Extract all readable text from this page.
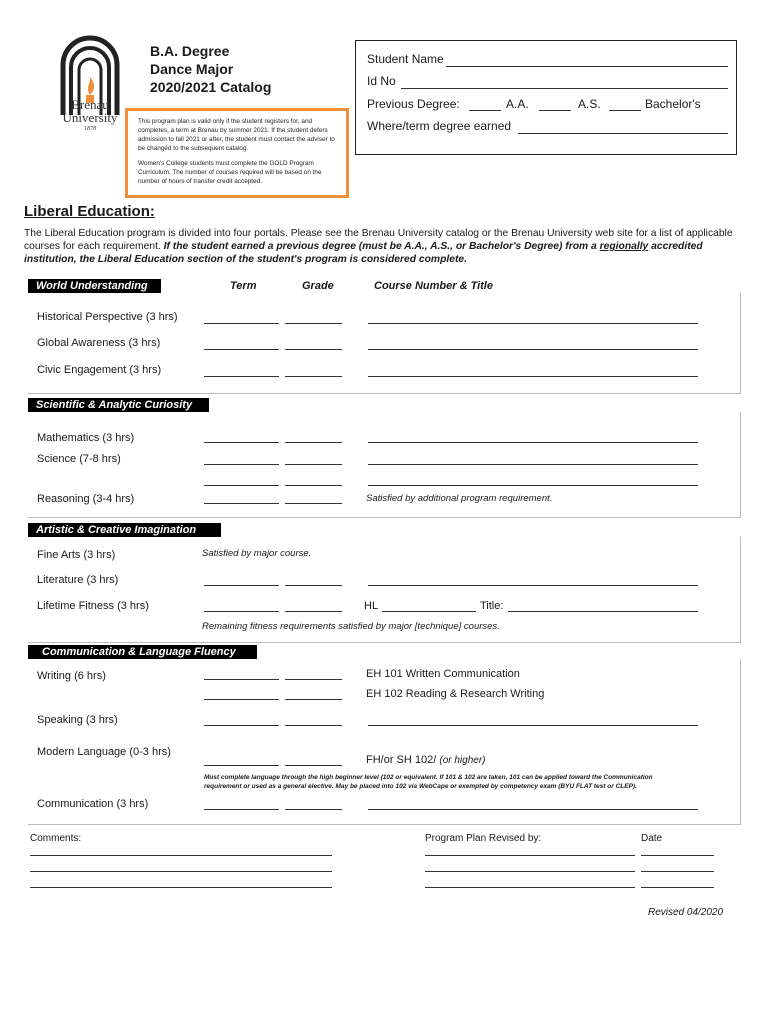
Brenau
University
1878
B.A. Degree
Dance Major
2020/2021 Catalog

This program plan is valid only if the student registers for, and completes, a term at Brenau by summer 2021. If the student defers admission to fall 2021 or after, the student must contact the adviser to be changed to the subsequent catalog.

Women's College students must complete the GOLD Program Curriculum. The number of courses required will be based on the number of hours of transfer credit accepted.

Student Name
Id No
Previous Degree:	A.A.	A.S.	Bachelor's
Where/term degree earned
Liberal Education:
The Liberal Education program is divided into four portals. Please see the Brenau University catalog or the Brenau University web site for a list of applicable courses for each requirement. If the student earned a previous degree (must be A.A., A.S., or Bachelor's Degree) from a regionally accredited institution, the Liberal Education section of the student's program is considered complete.
Term	Grade	Course Number & Title
World Understanding
Historical Perspective (3 hrs)
Global Awareness (3 hrs)
Civic Engagement (3 hrs)
Scientific & Analytic Curiosity
Mathematics (3 hrs)
Science (7-8 hrs)
Reasoning (3-4 hrs)	Satisfied by additional program requirement.
Artistic & Creative Imagination
Fine Arts (3 hrs)	Satisfied by major course.
Literature (3 hrs)
Lifetime Fitness (3 hrs)	HL	Title:
Remaining fitness requirements satisfied by major [technique] courses.
Communication & Language Fluency
Writing (6 hrs)	EH 101 Written Communication
EH 102 Reading & Research Writing
Speaking (3 hrs)
Modern Language (0-3 hrs)
FH/or SH 102/ (or higher)
Must complete language through the high beginner level (102 or equivalent. If 101 & 102 are taken, 101 can be applied toward the Communication
requirement or used as a general elective. May be placed into 102 via WebCape or exempted by competency exam (BYU FLAT test or CLEP).
Communication (3 hrs)
Comments:	Program Plan Revised by:	Date
Revised 04/2020
